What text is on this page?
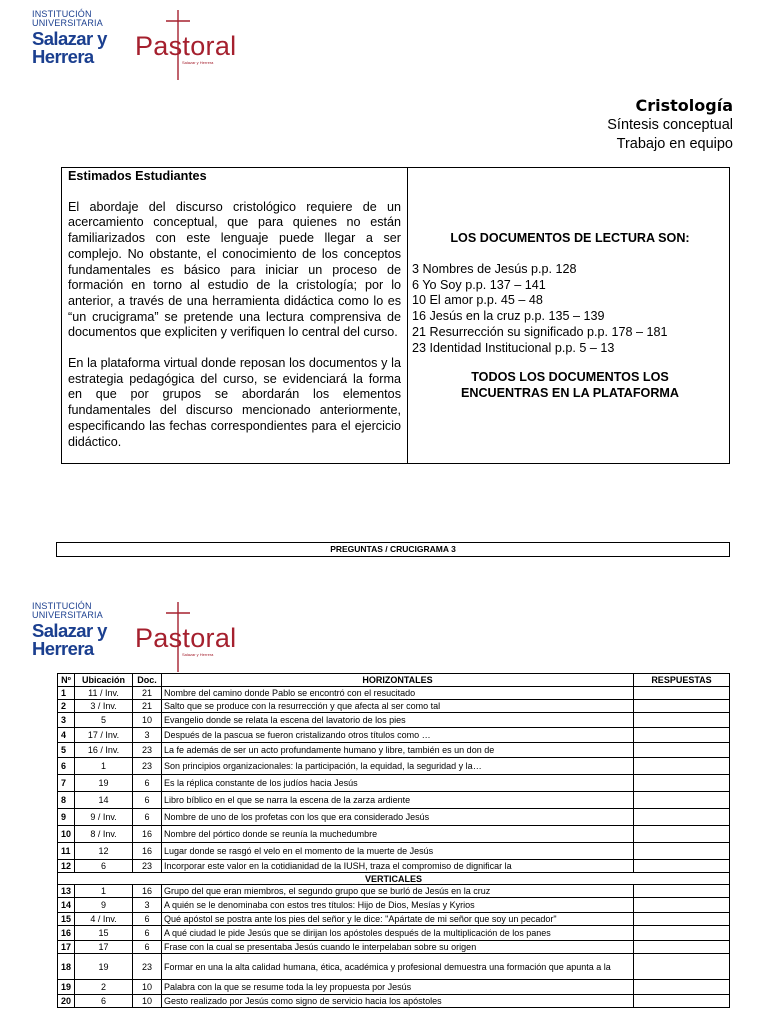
INSTITUCIÓN
UNIVERSITARIA
Salazar y
Herrera Pastoral
Salazar y Herrera
Cristología
Síntesis conceptual
Trabajo en equipo

Estimados Estudiantes

El abordaje del discurso cristológico requiere de un acercamiento conceptual, que para quienes no están familiarizados con este lenguaje puede llegar a ser complejo. No obstante, el conocimiento de los conceptos fundamentales es básico para iniciar un proceso de formación en torno al estudio de la cristología; por lo anterior, a través de una herramienta didáctica como lo es “un crucigrama” se pretende una lectura comprensiva de documentos que expliciten y verifiquen lo central del curso.

En la plataforma virtual donde reposan los documentos y la estrategia pedagógica del curso, se evidenciará la forma en que por grupos se abordarán los elementos fundamentales del discurso mencionado anteriormente, especificando las fechas correspondientes para el ejercicio didáctico.

LOS DOCUMENTOS DE LECTURA SON:
3 Nombres de Jesús p.p. 128
6 Yo Soy p.p. 137 – 141
10 El amor p.p. 45 – 48
16 Jesús en la cruz p.p. 135 – 139
21 Resurrección su significado p.p. 178 – 181
23 Identidad Institucional p.p. 5 – 13
TODOS LOS DOCUMENTOS LOS
ENCUENTRAS EN LA PLATAFORMA
PREGUNTAS / CRUCIGRAMA 3
INSTITUCIÓN
UNIVERSITARIA
Salazar y
Herrera Pastoral
Salazar y Herrera
Nº	Ubicación	Doc.	HORIZONTALES	RESPUESTAS
1	11 / Inv.	21	Nombre del camino donde Pablo se encontró con el resucitado	
2	3 / Inv.	21	Salto que se produce con la resurrección y que afecta al ser como tal	
3	5	10	Evangelio donde se relata la escena del lavatorio de los pies	
4	17 / Inv.	3	Después de la pascua se fueron cristalizando otros títulos como …	
5	16 / Inv.	23	La fe además de ser un acto profundamente humano y libre, también es un don de	
6	1	23	Son principios organizacionales: la participación, la equidad, la seguridad y la…	
7	19	6	Es la réplica constante de los judíos hacia Jesús	
8	14	6	Libro bíblico en el que se narra la escena de la zarza ardiente	
9	9 / Inv.	6	Nombre de uno de los profetas con los que era considerado Jesús	
10	8 / Inv.	16	Nombre del pórtico donde se reunía la muchedumbre	
11	12	16	Lugar donde se rasgó el velo en el momento de la muerte de Jesús	
12	6	23	Incorporar este valor en la cotidianidad de la IUSH, traza el compromiso de dignificar la	
VERTICALES				
13	1	16	Grupo del que eran miembros, el segundo grupo que se burló de Jesús en la cruz	
14	9	3	A quién se le denominaba con estos tres títulos: Hijo de Dios, Mesías y Kyrios	
15	4 / Inv.	6	Qué apóstol se postra ante los pies del señor y le dice: "Apártate de mi señor que soy un pecador"	
16	15	6	A qué ciudad le pide Jesús que se dirijan los apóstoles después de la multiplicación de los panes	
17	17	6	Frase con la cual se presentaba Jesús cuando le interpelaban sobre su origen	
18	19	23	Formar en una la alta calidad humana, ética, académica y profesional demuestra una formación que apunta a la	
19	2	10	Palabra con la que se resume toda la ley propuesta por Jesús	
20	6	10	Gesto realizado por Jesús como signo de servicio hacia los apóstoles	
